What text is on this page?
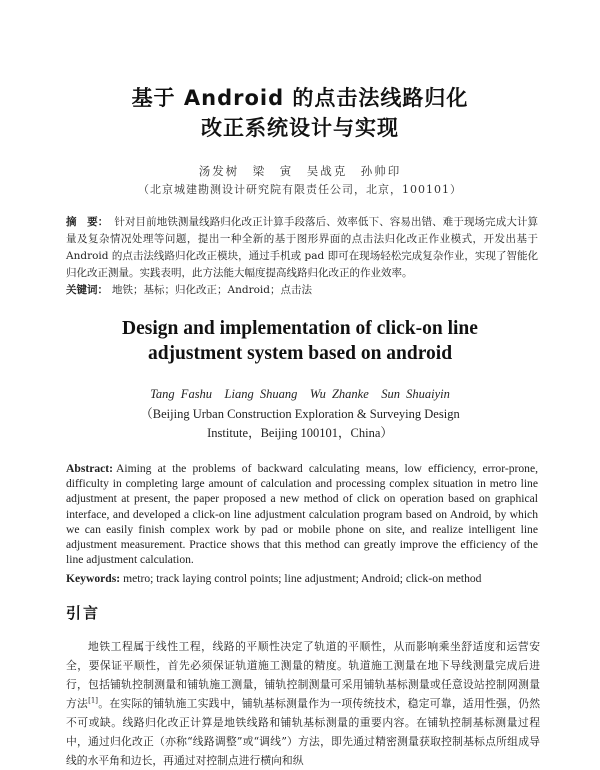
基于 Android 的点击法线路归化
改正系统设计与实现
汤发树　梁　寅　吴战克　孙帅印
（北京城建勘测设计研究院有限责任公司，北京，100101）
摘　要： 针对目前地铁测量线路归化改正计算手段落后、效率低下、容易出错、难于现场完成大计算量及复杂情况处理等问题，提出一种全新的基于图形界面的点击法归化改正作业模式，开发出基于 Android 的点击法线路归化改正模块，通过手机或 pad 即可在现场轻松完成复杂作业，实现了智能化归化改正测量。实践表明，此方法能大幅度提高线路归化改正的作业效率。
关键词： 地铁；基标；归化改正；Android；点击法
Design and implementation of click-on line
adjustment system based on android
Tang Fashu　Liang Shuang　Wu Zhanke　Sun Shuaiyin
（Beijing Urban Construction Exploration & Surveying Design
Institute，Beijing 100101，China）
Abstract: Aiming at the problems of backward calculating means, low efficiency, error-prone, difficulty in completing large amount of calculation and processing complex situation in metro line adjustment at present, the paper proposed a new method of click on operation based on graphical interface, and developed a click-on line adjustment calculation program based on Android, by which we can easily finish complex work by pad or mobile phone on site, and realize intelligent line adjustment measurement. Practice shows that this method can greatly improve the efficiency of the line adjustment calculation.
Keywords: metro; track laying control points; line adjustment; Android; click-on method
引言
地铁工程属于线性工程，线路的平顺性决定了轨道的平顺性，从而影响乘坐舒适度和运营安全，要保证平顺性，首先必须保证轨道施工测量的精度。轨道施工测量在地下导线测量完成后进行，包括铺轨控制测量和铺轨施工测量，铺轨控制测量可采用铺轨基标测量或任意设站控制网测量方法[1]。在实际的铺轨施工实践中，铺轨基标测量作为一项传统技术，稳定可靠，适用性强，仍然不可或缺。线路归化改正计算是地铁线路和铺轨基标测量的重要内容。在铺轨控制基标测量过程中，通过归化改正（亦称“线路调整”或“调线”）方法，即先通过精密测量获取控制基标点所组成导线的水平角和边长，再通过对控制点进行横向和纵
